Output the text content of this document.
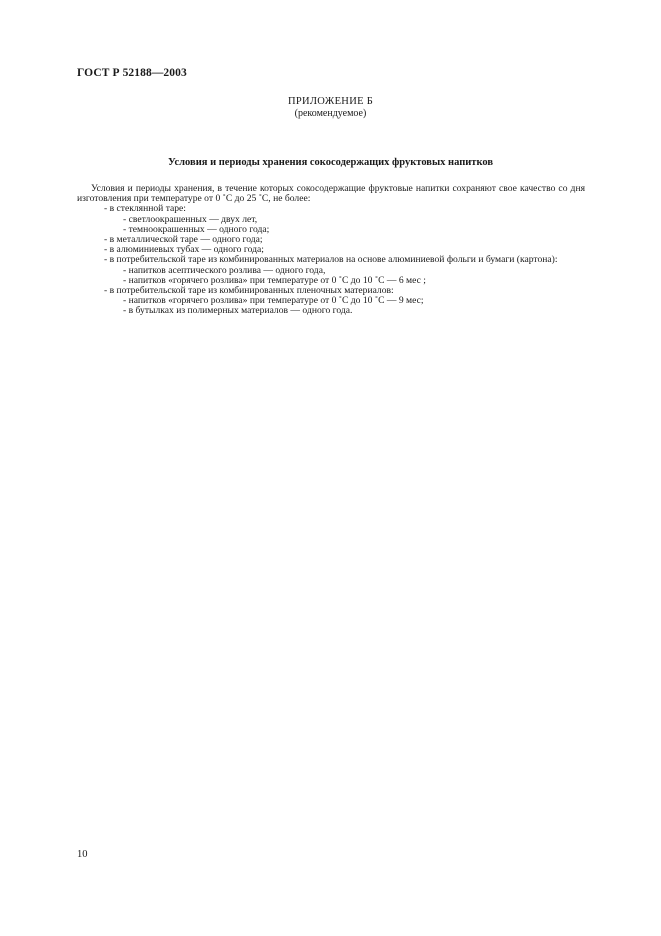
ГОСТ Р 52188—2003
ПРИЛОЖЕНИЕ Б
(рекомендуемое)
Условия и периоды хранения сокосодержащих фруктовых напитков

Условия и периоды хранения, в течение которых сокосодержащие фруктовые напитки сохраняют свое качество со дня изготовления при температуре от 0 ˚С до 25 ˚С, не более:

- в стеклянной таре:

- светлоокрашенных — двух лет,

- темноокрашенных — одного года;

- в металлической таре — одного года;

- в алюминиевых тубах — одного года;

- в потребительской таре из комбинированных материалов на основе алюминиевой фольги и бумаги (картона):

- напитков асептического розлива — одного года,

- напитков «горячего розлива» при температуре от 0 ˚С до 10 ˚С — 6 мес ;

- в потребительской таре из комбинированных пленочных материалов:

- напитков «горячего розлива» при температуре от 0 ˚С до 10 ˚С — 9 мес;

- в бутылках из полимерных материалов — одного года.

10
